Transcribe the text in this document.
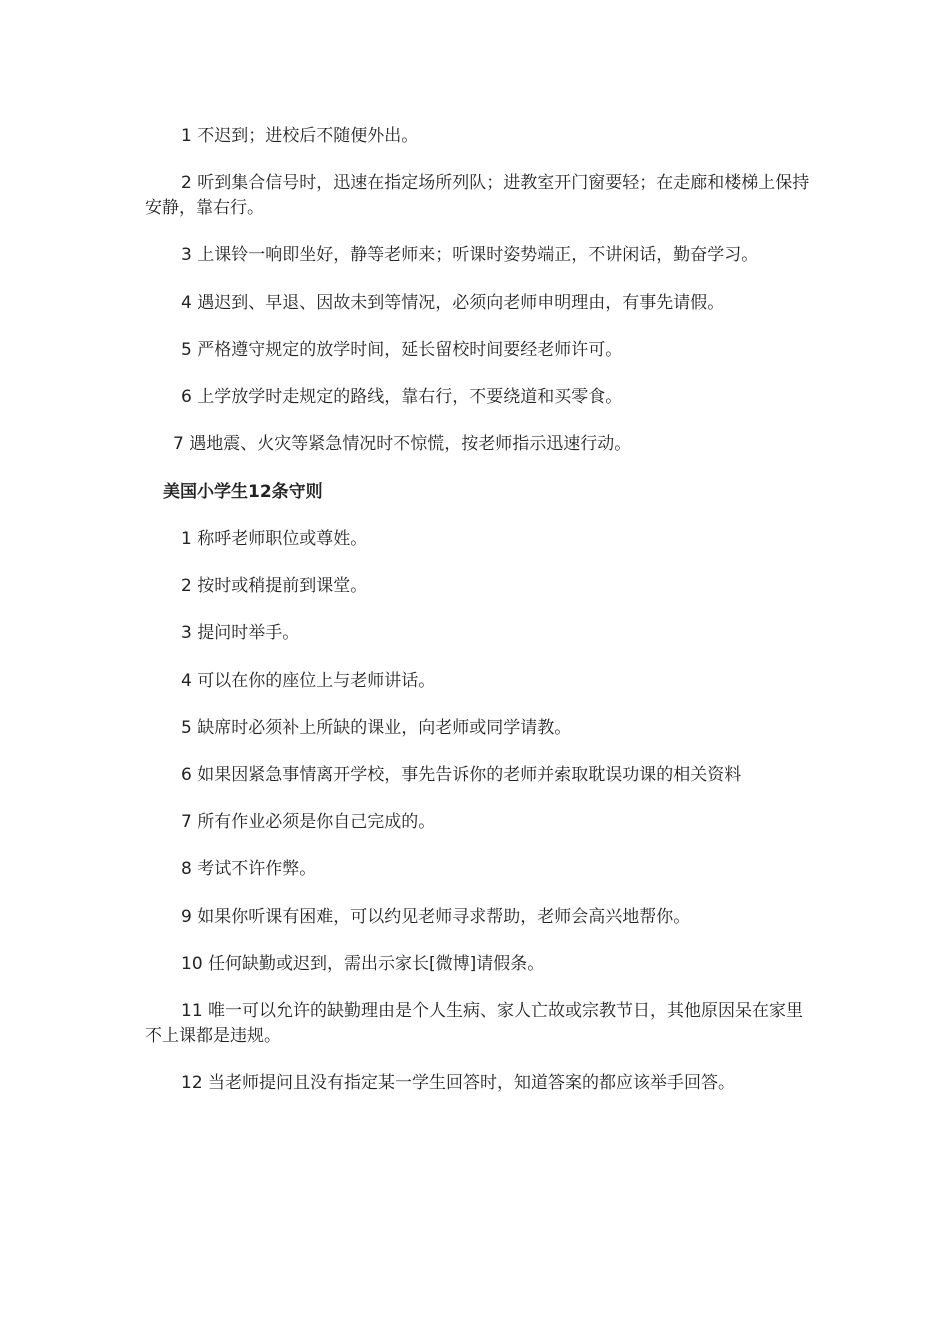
1 不迟到；进校后不随便外出。

2 听到集合信号时，迅速在指定场所列队；进教室开门窗要轻；在走廊和楼梯上保持安静，靠右行。

3 上课铃一响即坐好，静等老师来；听课时姿势端正，不讲闲话，勤奋学习。

4 遇迟到、早退、因故未到等情况，必须向老师申明理由，有事先请假。

5 严格遵守规定的放学时间，延长留校时间要经老师许可。

6 上学放学时走规定的路线，靠右行，不要绕道和买零食。

7 遇地震、火灾等紧急情况时不惊慌，按老师指示迅速行动。

美国小学生12条守则

1 称呼老师职位或尊姓。

2 按时或稍提前到课堂。

3 提问时举手。

4 可以在你的座位上与老师讲话。

5 缺席时必须补上所缺的课业，向老师或同学请教。

6 如果因紧急事情离开学校，事先告诉你的老师并索取耽误功课的相关资料

7 所有作业必须是你自己完成的。

8 考试不许作弊。

9 如果你听课有困难，可以约见老师寻求帮助，老师会高兴地帮你。

10 任何缺勤或迟到，需出示家长[微博]请假条。

11 唯一可以允许的缺勤理由是个人生病、家人亡故或宗教节日，其他原因呆在家里不上课都是违规。

12 当老师提问且没有指定某一学生回答时，知道答案的都应该举手回答。
